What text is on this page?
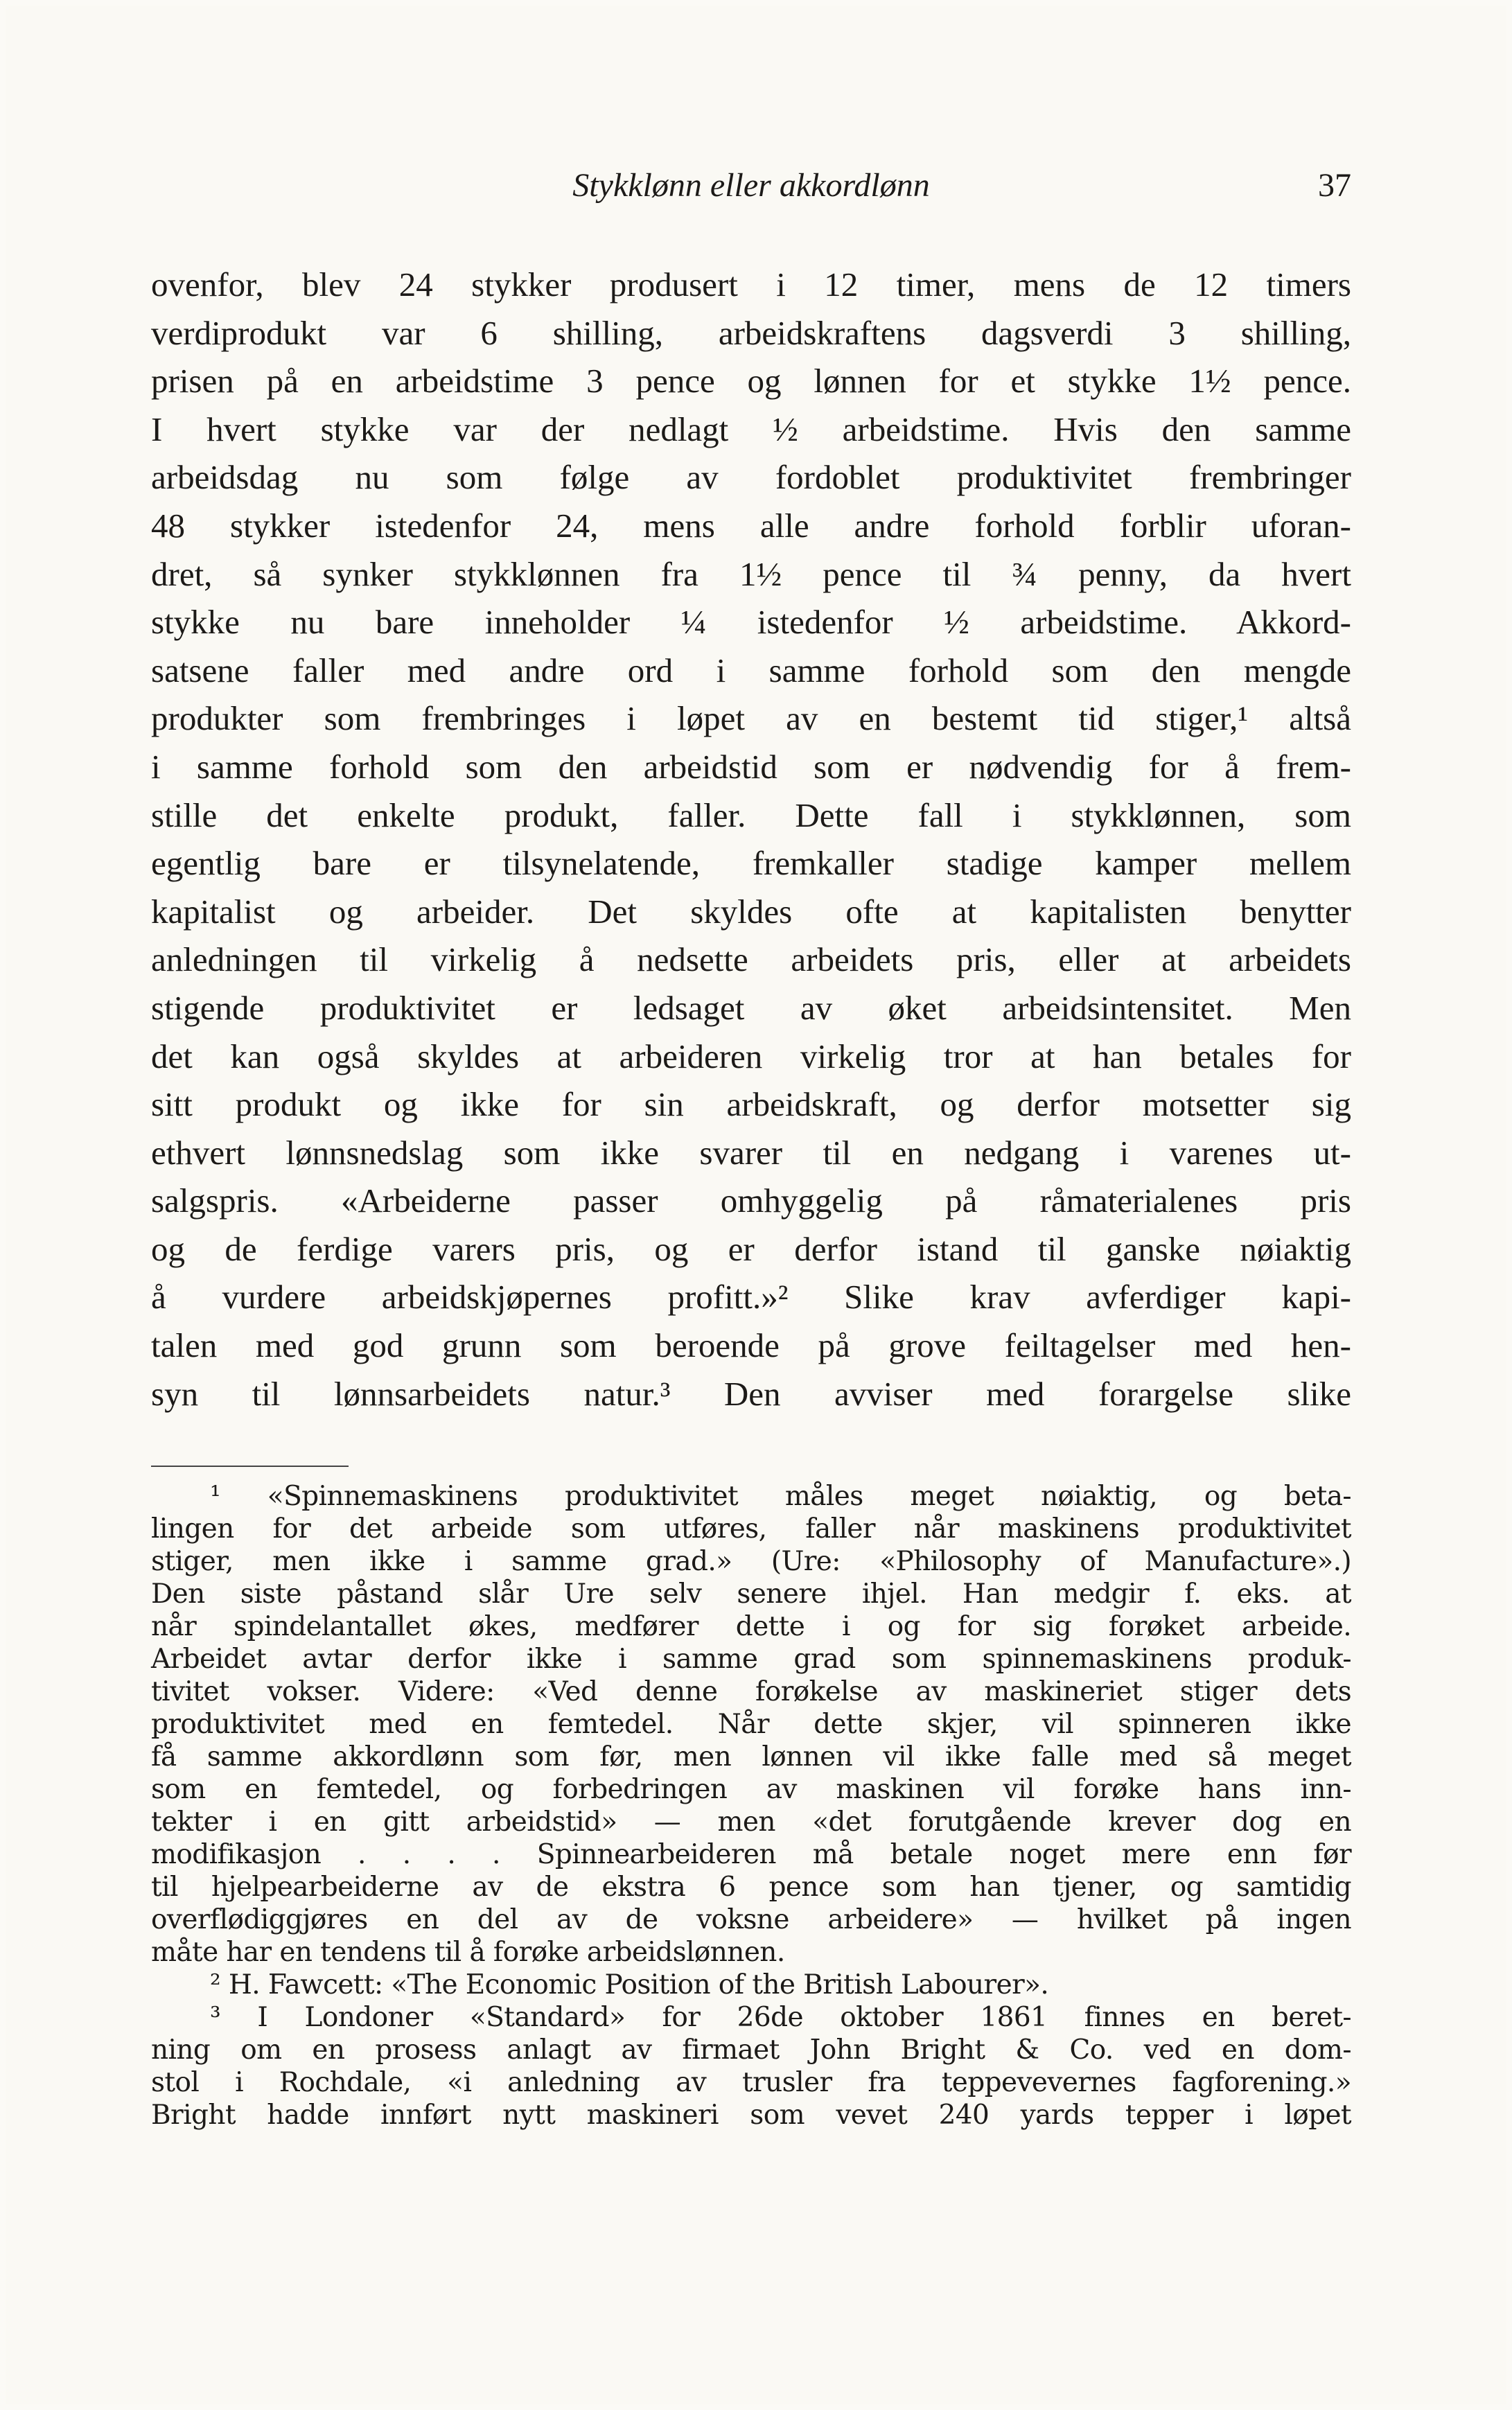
Stykklønn eller akkordlønn	37
ovenfor, blev 24 stykker produsert i 12 timer, mens de 12 timers
verdiprodukt var 6 shilling, arbeidskraftens dagsverdi 3 shilling,
prisen på en arbeidstime 3 pence og lønnen for et stykke 1½ pence.
I hvert stykke var der nedlagt ½ arbeidstime. Hvis den samme
arbeidsdag nu som følge av fordoblet produktivitet frembringer
48 stykker istedenfor 24, mens alle andre forhold forblir uforan-
dret, så synker stykklønnen fra 1½ pence til ¾ penny, da hvert
stykke nu bare inneholder ¼ istedenfor ½ arbeidstime. Akkord-
satsene faller med andre ord i samme forhold som den mengde
produkter som frembringes i løpet av en bestemt tid stiger,¹ altså
i samme forhold som den arbeidstid som er nødvendig for å frem-
stille det enkelte produkt, faller. Dette fall i stykklønnen, som
egentlig bare er tilsynelatende, fremkaller stadige kamper mellem
kapitalist og arbeider. Det skyldes ofte at kapitalisten benytter
anledningen til virkelig å nedsette arbeidets pris, eller at arbeidets
stigende produktivitet er ledsaget av øket arbeidsintensitet. Men
det kan også skyldes at arbeideren virkelig tror at han betales for
sitt produkt og ikke for sin arbeidskraft, og derfor motsetter sig
ethvert lønnsnedslag som ikke svarer til en nedgang i varenes ut-
salgspris. «Arbeiderne passer omhyggelig på råmaterialenes pris
og de ferdige varers pris, og er derfor istand til ganske nøiaktig
å vurdere arbeidskjøpernes profitt.»² Slike krav avferdiger kapi-
talen med god grunn som beroende på grove feiltagelser med hen-
syn til lønnsarbeidets natur.³ Den avviser med forargelse slike
¹ «Spinnemaskinens produktivitet måles meget nøiaktig, og beta-
lingen for det arbeide som utføres, faller når maskinens produktivitet
stiger, men ikke i samme grad.» (Ure: «Philosophy of Manufacture».)
Den siste påstand slår Ure selv senere ihjel. Han medgir f. eks. at
når spindelantallet økes, medfører dette i og for sig forøket arbeide.
Arbeidet avtar derfor ikke i samme grad som spinnemaskinens produk-
tivitet vokser. Videre: «Ved denne forøkelse av maskineriet stiger dets
produktivitet med en femtedel. Når dette skjer, vil spinneren ikke
få samme akkordlønn som før, men lønnen vil ikke falle med så meget
som en femtedel, og forbedringen av maskinen vil forøke hans inn-
tekter i en gitt arbeidstid» — men «det forutgående krever dog en
modifikasjon . . . . Spinnearbeideren må betale noget mere enn før
til hjelpearbeiderne av de ekstra 6 pence som han tjener, og samtidig
overflødiggjøres en del av de voksne arbeidere» — hvilket på ingen
måte har en tendens til å forøke arbeidslønnen.
² H. Fawcett: «The Economic Position of the British Labourer».
³ I Londoner «Standard» for 26de oktober 1861 finnes en beret-
ning om en prosess anlagt av firmaet John Bright & Co. ved en dom-
stol i Rochdale, «i anledning av trusler fra teppevevernes fagforening.»
Bright hadde innført nytt maskineri som vevet 240 yards tepper i løpet
